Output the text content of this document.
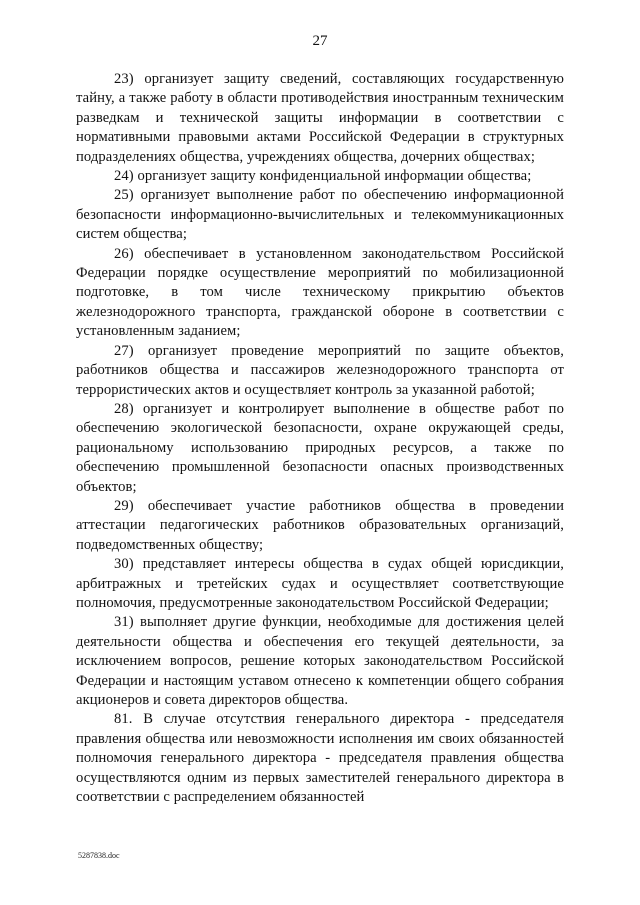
27

23) организует защиту сведений, составляющих государственную тайну, а также работу в области противодействия иностранным техническим разведкам и технической защиты информации в соответствии с нормативными правовыми актами Российской Федерации в структурных подразделениях общества, учреждениях общества, дочерних обществах;

24) организует защиту конфиденциальной информации общества;

25) организует выполнение работ по обеспечению информационной безопасности информационно-вычислительных и телекоммуникационных систем общества;

26) обеспечивает в установленном законодательством Российской Федерации порядке осуществление мероприятий по мобилизационной подготовке, в том числе техническому прикрытию объектов железнодорожного транспорта, гражданской обороне в соответствии с установленным заданием;

27) организует проведение мероприятий по защите объектов, работников общества и пассажиров железнодорожного транспорта от террористических актов и осуществляет контроль за указанной работой;

28) организует и контролирует выполнение в обществе работ по обеспечению экологической безопасности, охране окружающей среды, рациональному использованию природных ресурсов, а также по обеспечению промышленной безопасности опасных производственных объектов;

29) обеспечивает участие работников общества в проведении аттестации педагогических работников образовательных организаций, подведомственных обществу;

30) представляет интересы общества в судах общей юрисдикции, арбитражных и третейских судах и осуществляет соответствующие полномочия, предусмотренные законодательством Российской Федерации;

31) выполняет другие функции, необходимые для достижения целей деятельности общества и обеспечения его текущей деятельности, за исключением вопросов, решение которых законодательством Российской Федерации и настоящим уставом отнесено к компетенции общего собрания акционеров и совета директоров общества.

81. В случае отсутствия генерального директора - председателя правления общества или невозможности исполнения им своих обязанностей полномочия генерального директора - председателя правления общества осуществляются одним из первых заместителей генерального директора в соответствии с распределением обязанностей

5287838.doc
